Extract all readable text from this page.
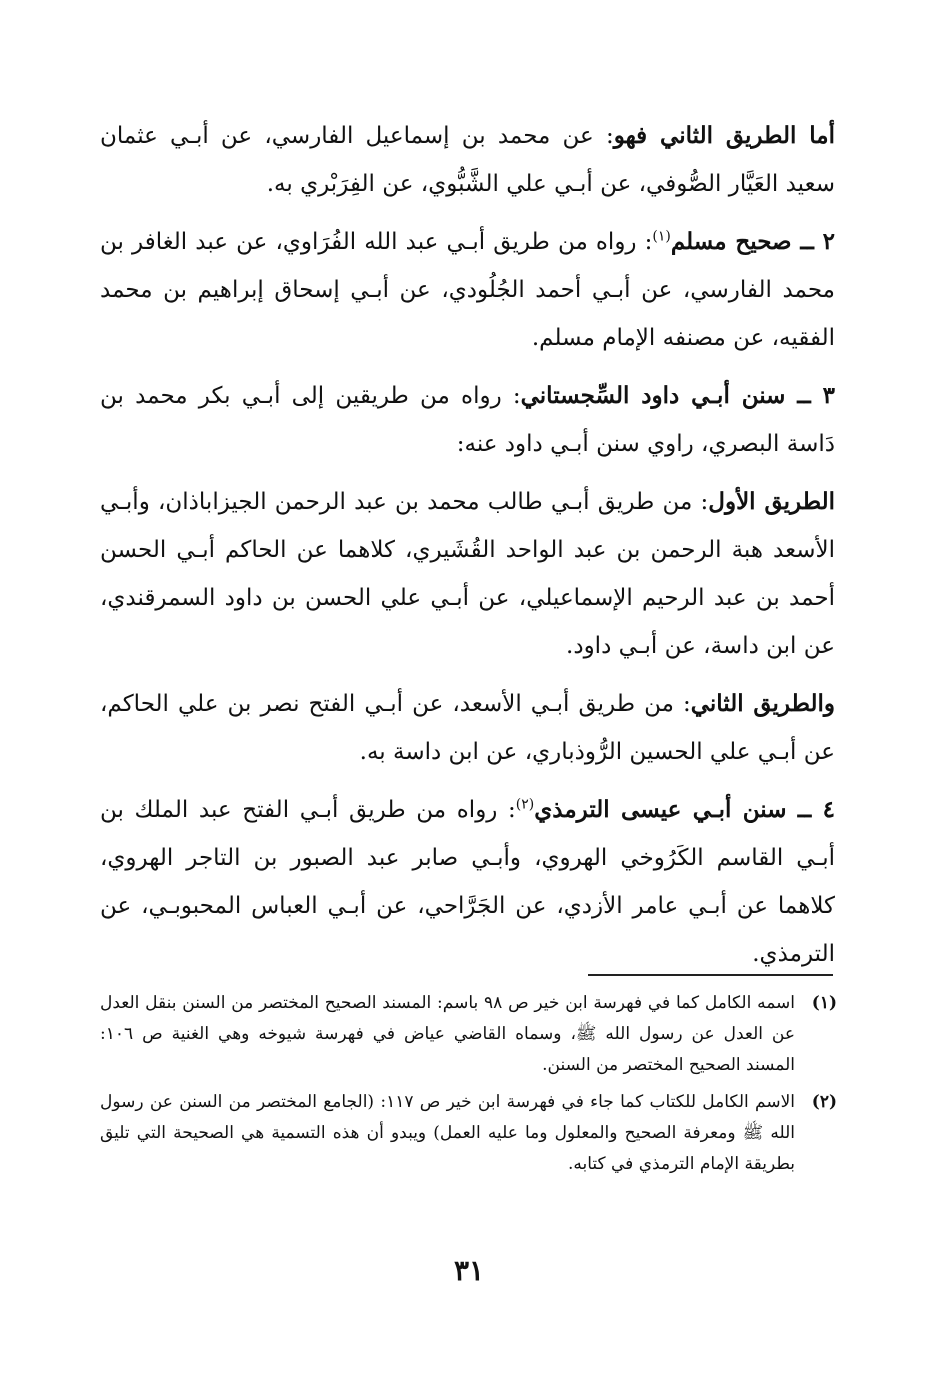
أما الطريق الثاني فهو: عن محمد بن إسماعيل الفارسي، عن أبـي عثمان سعيد العَيَّار الصُّوفي، عن أبـي علي الشَّبُّوي، عن الفِرَبْري به.

٢ ــ صحيح مسلم$^{(١)}$: رواه من طريق أبـي عبد الله الفُرَاوي، عن عبد الغافر بن محمد الفارسي، عن أبـي أحمد الجُلُودي، عن أبـي إسحاق إبراهيم بن محمد الفقيه، عن مصنفه الإمام مسلم.

٣ ــ سنن أبـي داود السِّجستاني: رواه من طريقين إلى أبـي بكر محمد بن دَاسة البصري، راوي سنن أبـي داود عنه:

الطريق الأول: من طريق أبـي طالب محمد بن عبد الرحمن الجيزاباذان، وأبـي الأسعد هبة الرحمن بن عبد الواحد القُشَيري، كلاهما عن الحاكم أبـي الحسن أحمد بن عبد الرحيم الإسماعيلي، عن أبـي علي الحسن بن داود السمرقندي، عن ابن داسة، عن أبـي داود.

والطريق الثاني: من طريق أبـي الأسعد، عن أبـي الفتح نصر بن علي الحاكم، عن أبـي علي الحسين الرُّوذباري، عن ابن داسة به.

٤ ــ سنن أبـي عيسى الترمذي$^{(٢)}$: رواه من طريق أبـي الفتح عبد الملك بن أبـي القاسم الكَرُوخي الهروي، وأبـي صابر عبد الصبور بن التاجر الهروي، كلاهما عن أبـي عامر الأزدي، عن الجَرَّاحي، عن أبـي العباس المحبوبـي، عن الترمذي.

(١)
اسمه الكامل كما في فهرسة ابن خير ص ٩٨ باسم: المسند الصحيح المختصر من السنن بنقل العدل عن العدل عن رسول الله ﷺ، وسماه القاضي عياض في فهرسة شيوخه وهي الغنية ص ١٠٦: المسند الصحيح المختصر من السنن.
(٢)
الاسم الكامل للكتاب كما جاء في فهرسة ابن خير ص ١١٧: (الجامع المختصر من السنن عن رسول الله ﷺ ومعرفة الصحيح والمعلول وما عليه العمل) ويبدو أن هذه التسمية هي الصحيحة التي تليق بطريقة الإمام الترمذي في كتابه.
٣١
